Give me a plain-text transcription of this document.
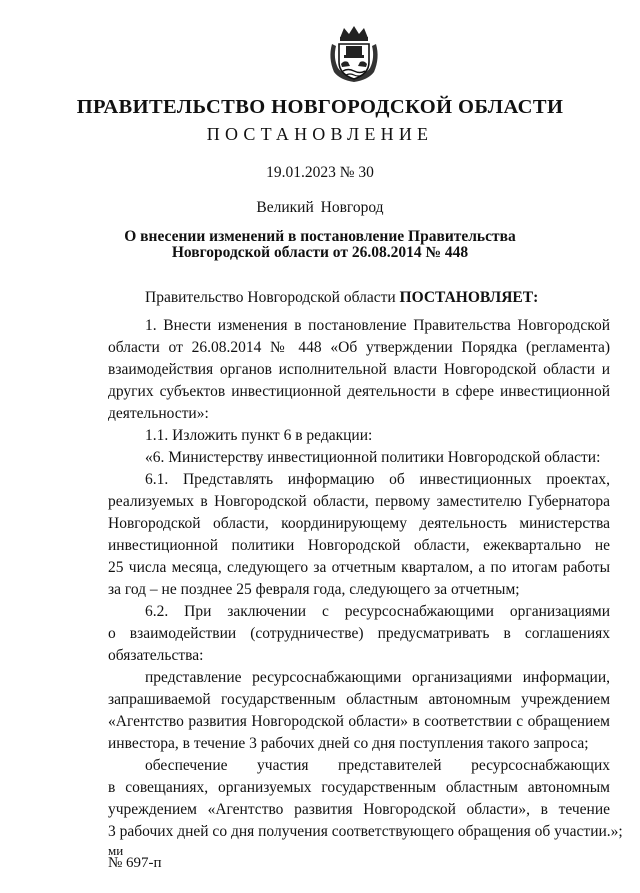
ПРАВИТЕЛЬСТВО НОВГОРОДСКОЙ ОБЛАСТИ
ПОСТАНОВЛЕНИЕ
19.01.2023 № 30
Великий Новгород
О внесении изменений в постановление Правительства
Новгородской области от 26.08.2014 № 448
Правительство Новгородской области ПОСТАНОВЛЯЕТ:
1. Внести изменения в постановление Правительства Новгородской
области от 26.08.2014 № 448 «Об утверждении Порядка (регламента)
взаимодействия органов исполнительной власти Новгородской области и
других субъектов инвестиционной деятельности в сфере инвестиционной
деятельности»:
1.1. Изложить пункт 6 в редакции:
«6. Министерству инвестиционной политики Новгородской области:
6.1. Представлять информацию об инвестиционных проектах,
реализуемых в Новгородской области, первому заместителю Губернатора
Новгородской области, координирующему деятельность министерства
инвестиционной политики Новгородской области, ежеквартально не
25 числа месяца, следующего за отчетным кварталом, а по итогам работы
за год – не позднее 25 февраля года, следующего за отчетным;
6.2. При заключении с ресурсоснабжающими организациями
о взаимодействии (сотрудничестве) предусматривать в соглашениях
обязательства:
представление ресурсоснабжающими организациями информации,
запрашиваемой государственным областным автономным учреждением
«Агентство развития Новгородской области» в соответствии с обращением
инвестора, в течение 3 рабочих дней со дня поступления такого запроса;
обеспечение участия представителей ресурсоснабжающих
в совещаниях, организуемых государственным областным автономным
учреждением «Агентство развития Новгородской области», в течение
3 рабочих дней со дня получения соответствующего обращения об участии.»;
ми
№ 697-п
